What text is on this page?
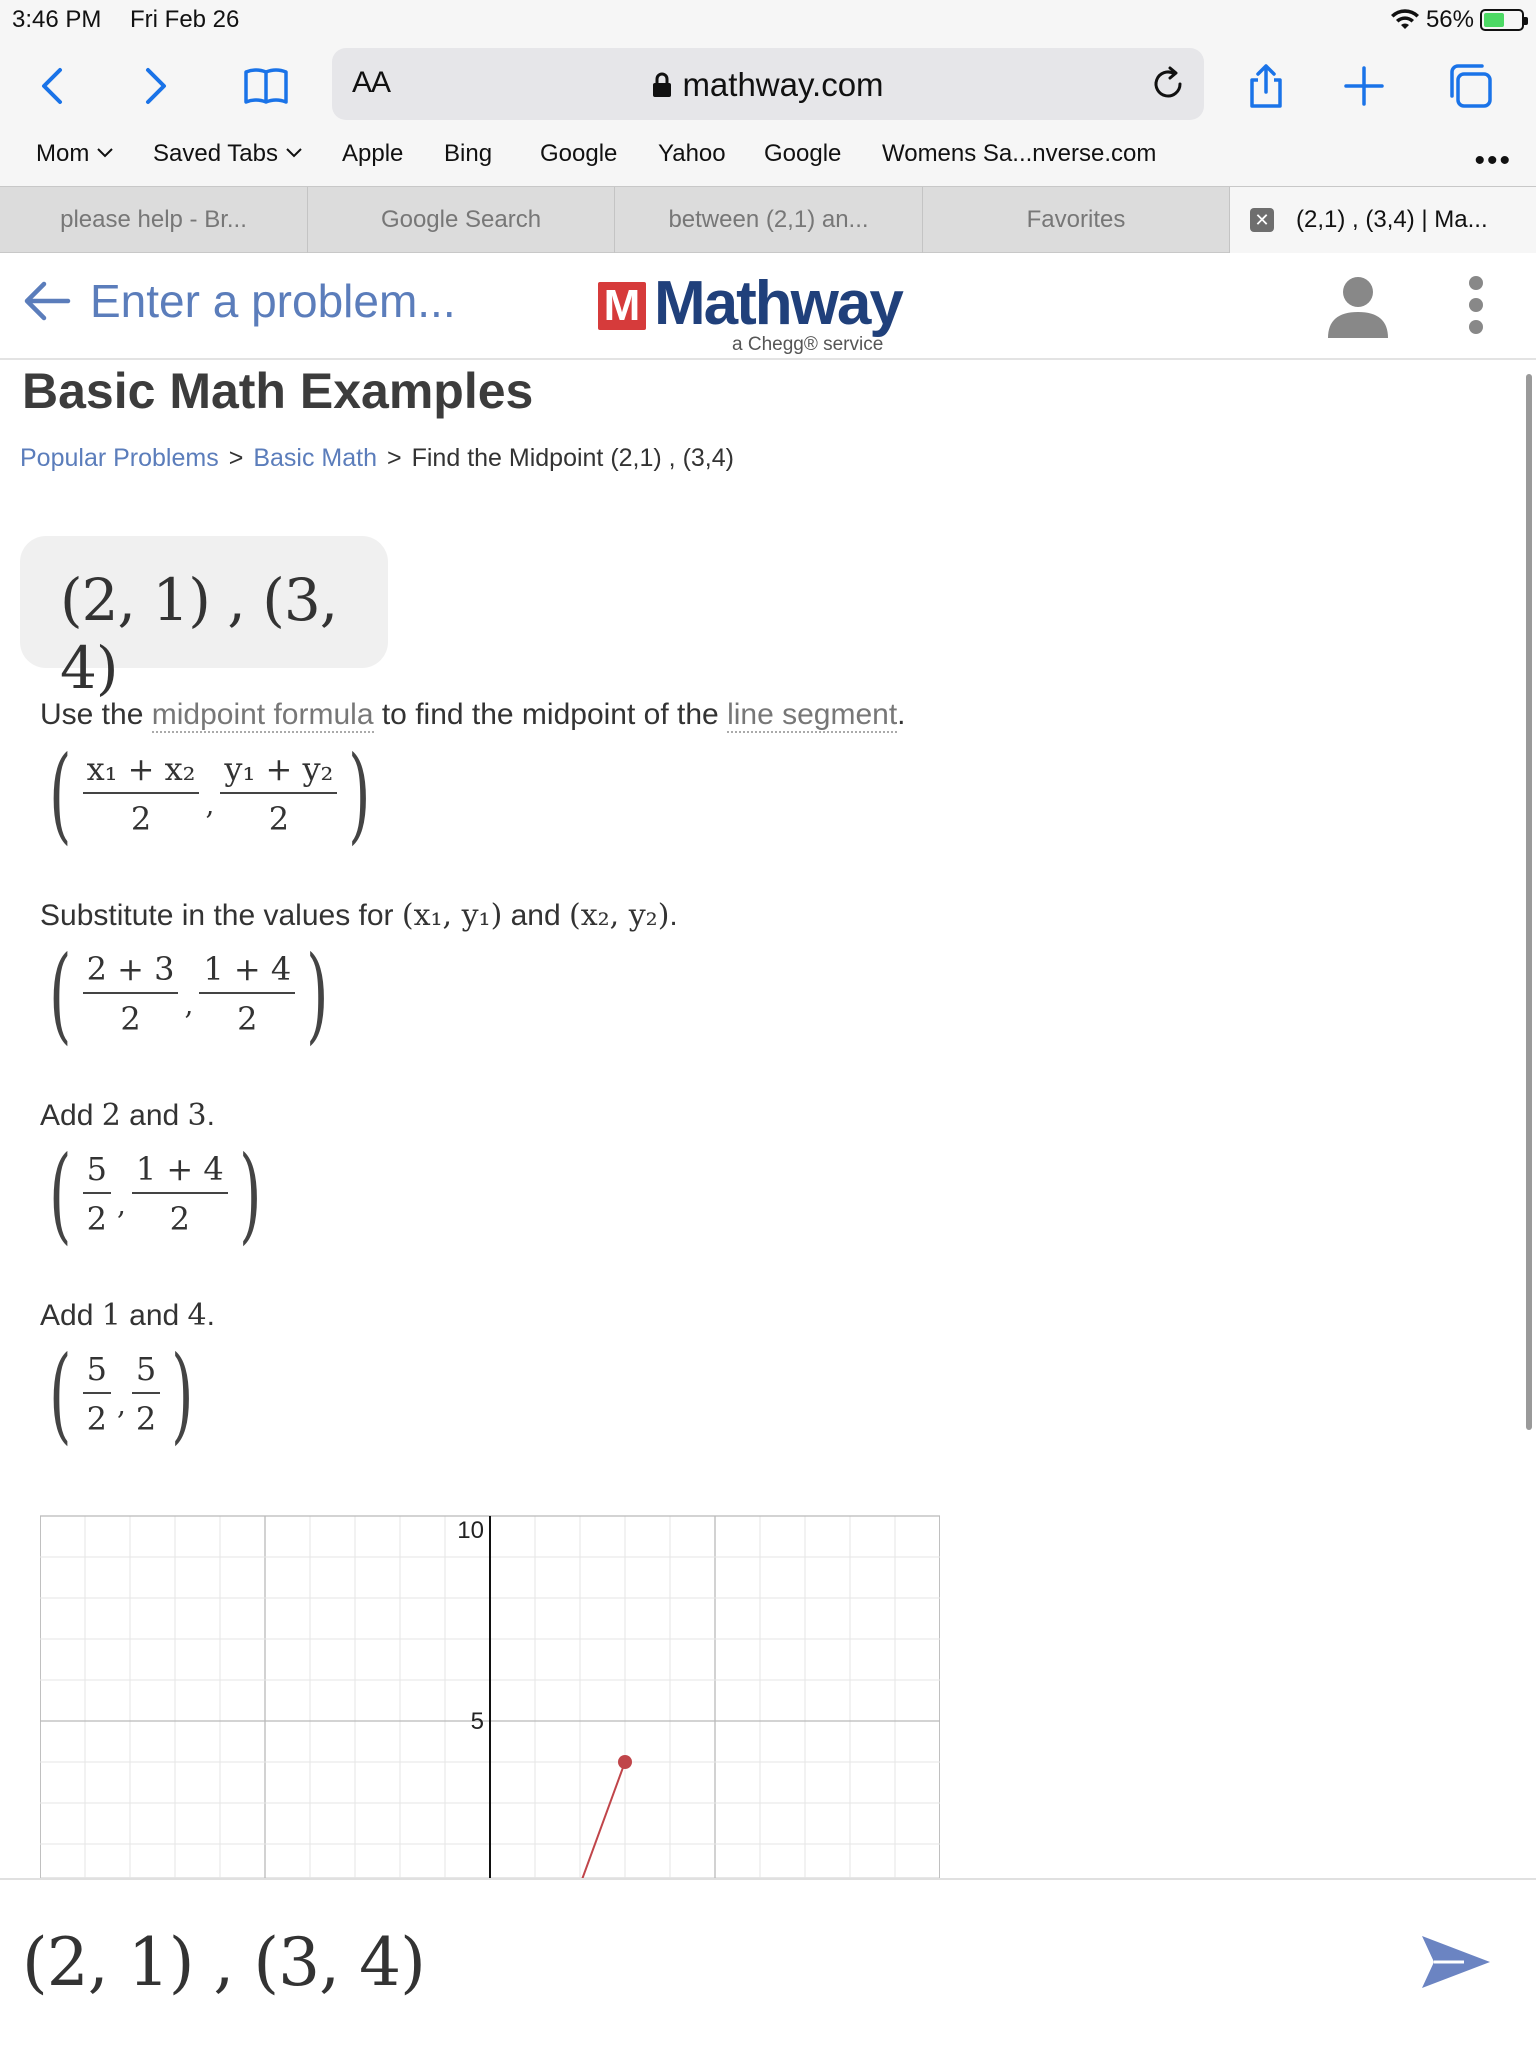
3:46 PM Fri Feb 26	56%
AA	mathway.com
Mom	Saved Tabs	Apple Bing Google Yahoo Google Womens Sa...nverse.com	•••
please help - Br...	Google Search	between (2,1) an...	Favorites	✕ (2,1) , (3,4) | Ma...
Enter a problem...	M Mathway
a Chegg® service
Basic Math Examples
Popular Problems > Basic Math > Find the Midpoint (2,1) , (3,4)
(2, 1) , (3, 4)
Use the midpoint formula to find the midpoint of the line segment.
( $\frac{\text{x₁ + x₂}}{2}$ , $\frac{\text{y₁ + y₂}}{2}$ )
Substitute in the values for (x₁, y₁) and (x₂, y₂).
( $\frac{2 + 3}{2}$ , $\frac{1 + 4}{2}$ )
Add 2 and 3.
( $\frac{5}{2}$ , $\frac{1 + 4}{2}$ )
Add 1 and 4.
( $\frac{5}{2}$ , $\frac{5}{2}$ )
10
5
(2, 1) , (3, 4)
